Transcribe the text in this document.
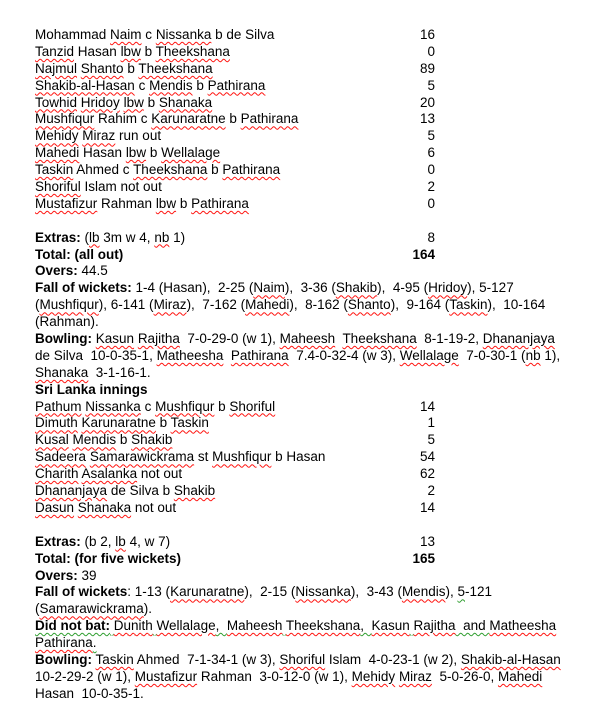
Mohammad Naim c Nissanka b de Silva	16
Tanzid Hasan lbw b Theekshana	0
Najmul Shanto b Theekshana	89
Shakib-al-Hasan c Mendis b Pathirana	5
Towhid Hridoy lbw b Shanaka	20
Mushfiqur Rahim c Karunaratne b Pathirana	13
Mehidy Miraz run out	5
Mahedi Hasan lbw b Wellalage	6
Taskin Ahmed c Theekshana b Pathirana	0
Shoriful Islam not out	2
Mustafizur Rahman lbw b Pathirana	0

Extras: (lb 3m w 4, nb 1)	8
Total: (all out)	164
Overs: 44.5
Fall of wickets: 1-4 (Hasan),  2-25 (Naim),  3-36 (Shakib),  4-95 (Hridoy), 5-127
(Mushfiqur), 6-141 (Miraz),  7-162 (Mahedi),  8-162 (Shanto),  9-164 (Taskin),  10-164
(Rahman).
Bowling: Kasun Rajitha  7-0-29-0 (w 1), Maheesh Theekshana  8-1-19-2, Dhananjaya
de Silva  10-0-35-1, Matheesha Pathirana  7.4-0-32-4 (w 3), Wellalage  7-0-30-1 (nb 1),
Shanaka  3-1-16-1.
Sri Lanka innings
Pathum Nissanka c Mushfiqur b Shoriful	14
Dimuth Karunaratne b Taskin	1
Kusal Mendis b Shakib	5
Sadeera Samarawickrama st Mushfiqur b Hasan	54
Charith Asalanka not out	62
Dhananjaya de Silva b Shakib	2
Dasun Shanaka not out	14

Extras: (b 2, lb 4, w 7)	13
Total: (for five wickets)	165
Overs: 39
Fall of wickets: 1-13 (Karunaratne),  2-15 (Nissanka),  3-43 (Mendis), 5-121
(Samarawickrama).
Did not bat: Dunith Wellalage,  Maheesh Theekshana,  Kasun Rajitha  and Matheesha
Pathirana.
Bowling: Taskin Ahmed  7-1-34-1 (w 3), Shoriful Islam  4-0-23-1 (w 2), Shakib-al-Hasan
10-2-29-2 (w 1), Mustafizur Rahman  3-0-12-0 (w 1), Mehidy Miraz  5-0-26-0, Mahedi
Hasan  10-0-35-1.
